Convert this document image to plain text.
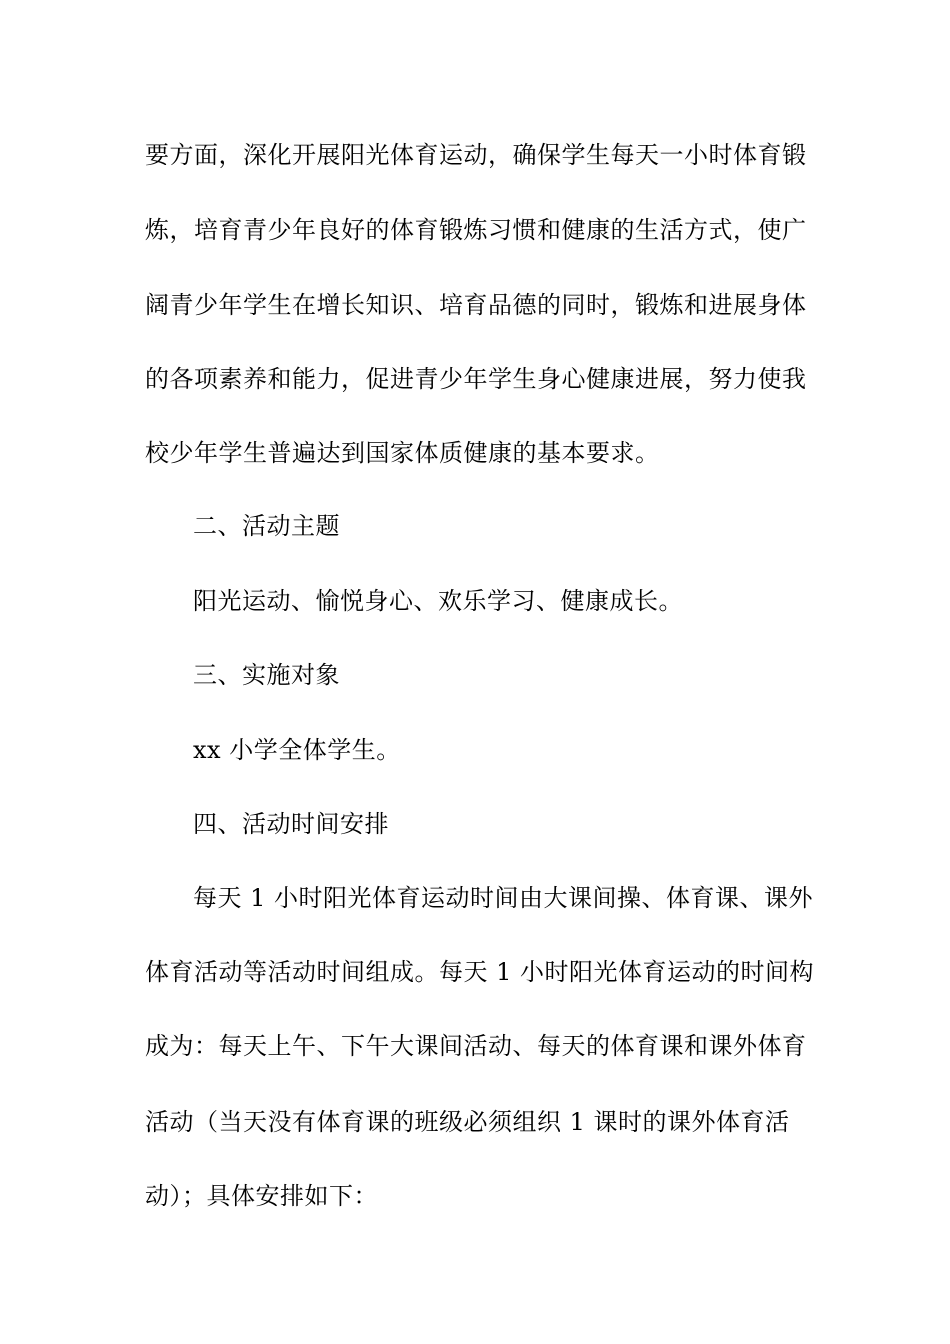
要方面，深化开展阳光体育运动，确保学生每天一小时体育锻
炼，培育青少年良好的体育锻炼习惯和健康的生活方式，使广
阔青少年学生在增长知识、培育品德的同时，锻炼和进展身体
的各项素养和能力，促进青少年学生身心健康进展，努力使我
校少年学生普遍达到国家体质健康的基本要求。
二、活动主题
阳光运动、愉悦身心、欢乐学习、健康成长。
三、实施对象
xx 小学全体学生。
四、活动时间安排
每天 1 小时阳光体育运动时间由大课间操、体育课、课外
体育活动等活动时间组成。每天 1 小时阳光体育运动的时间构
成为：每天上午、下午大课间活动、每天的体育课和课外体育
活动（当天没有体育课的班级必须组织 1 课时的课外体育活
动）；具体安排如下：
